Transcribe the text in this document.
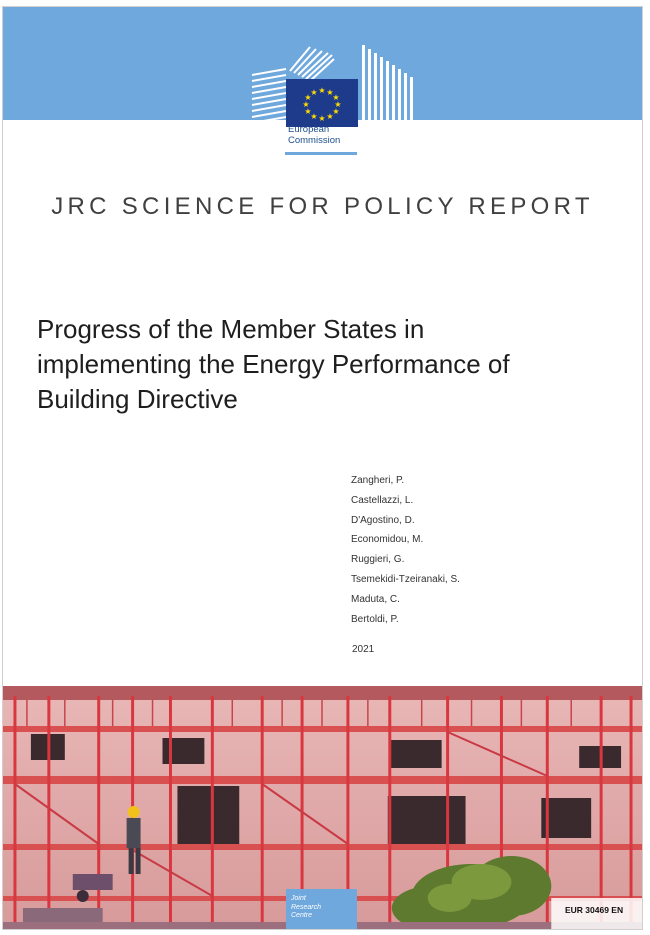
★ ★
★
★
★
★
★
★
★
★
★
★
European
Commission
JRC SCIENCE FOR POLICY REPORT
Progress of the Member States in
implementing the Energy Performance of
Building Directive
Zangheri, P.
Castellazzi, L.
D'Agostino, D.
Economidou, M.
Ruggieri, G.
Tsemekidi-Tzeiranaki, S.
Maduta, C.
Bertoldi, P.
2021
Joint
Research
Centre
EUR 30469 EN
